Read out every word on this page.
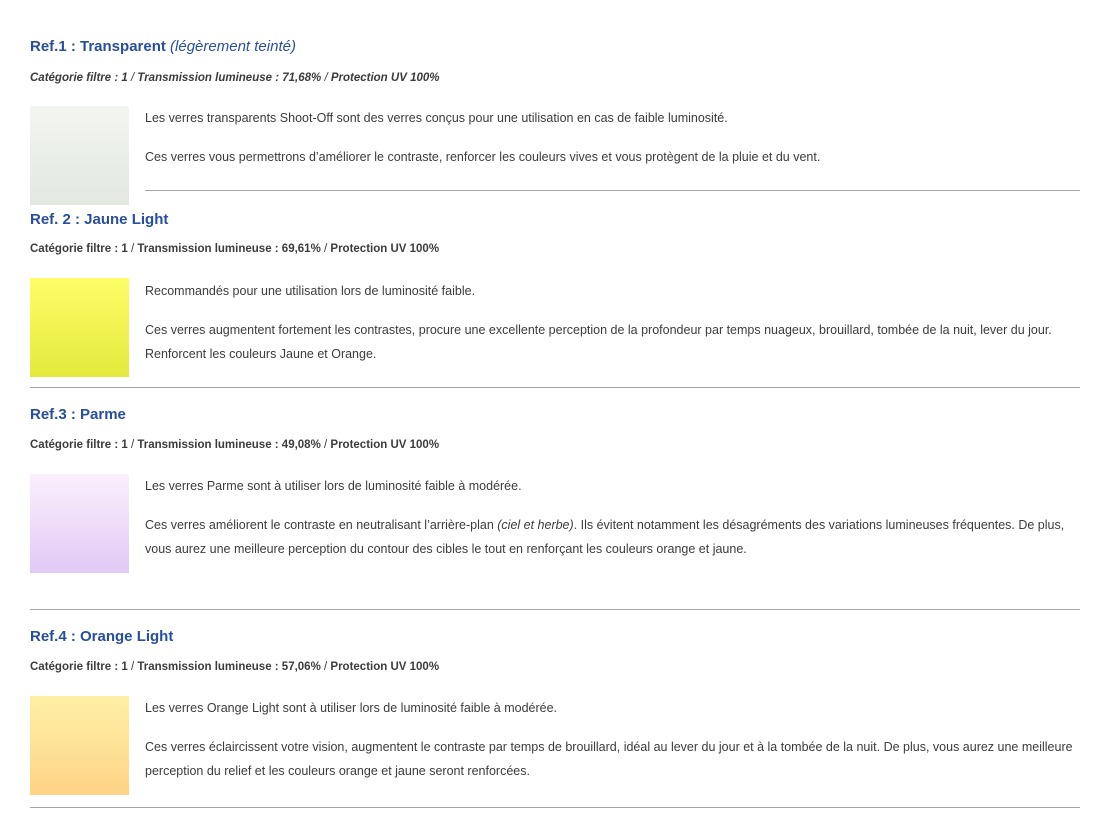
Ref.1 : Transparent (légèrement teinté)
Catégorie filtre : 1 / Transmission lumineuse : 71,68% / Protection UV 100%
Les verres transparents Shoot-Off sont des verres conçus pour une utilisation en cas de faible luminosité.
Ces verres vous permettrons d’améliorer le contraste, renforcer les couleurs vives et vous protègent de la pluie et du vent.
Ref. 2 : Jaune Light
Catégorie filtre : 1 / Transmission lumineuse : 69,61% / Protection UV 100%
Recommandés pour une utilisation lors de luminosité faible.
Ces verres augmentent fortement les contrastes, procure une excellente perception de la profondeur par temps nuageux, brouillard, tombée de la nuit, lever du jour. Renforcent les couleurs Jaune et Orange.
Ref.3 : Parme
Catégorie filtre : 1 / Transmission lumineuse : 49,08% / Protection UV 100%
Les verres Parme sont à utiliser lors de luminosité faible à modérée.
Ces verres améliorent le contraste en neutralisant l’arrière-plan (ciel et herbe). Ils évitent notamment les désagréments des variations lumineuses fréquentes. De plus, vous aurez une meilleure perception du contour des cibles le tout en renforçant les couleurs orange et jaune.
Ref.4 : Orange Light
Catégorie filtre : 1 / Transmission lumineuse : 57,06% / Protection UV 100%
Les verres Orange Light sont à utiliser lors de luminosité faible à modérée.
Ces verres éclaircissent votre vision, augmentent le contraste par temps de brouillard, idéal au lever du jour et à la tombée de la nuit. De plus, vous aurez une meilleure perception du relief et les couleurs orange et jaune seront renforcées.
